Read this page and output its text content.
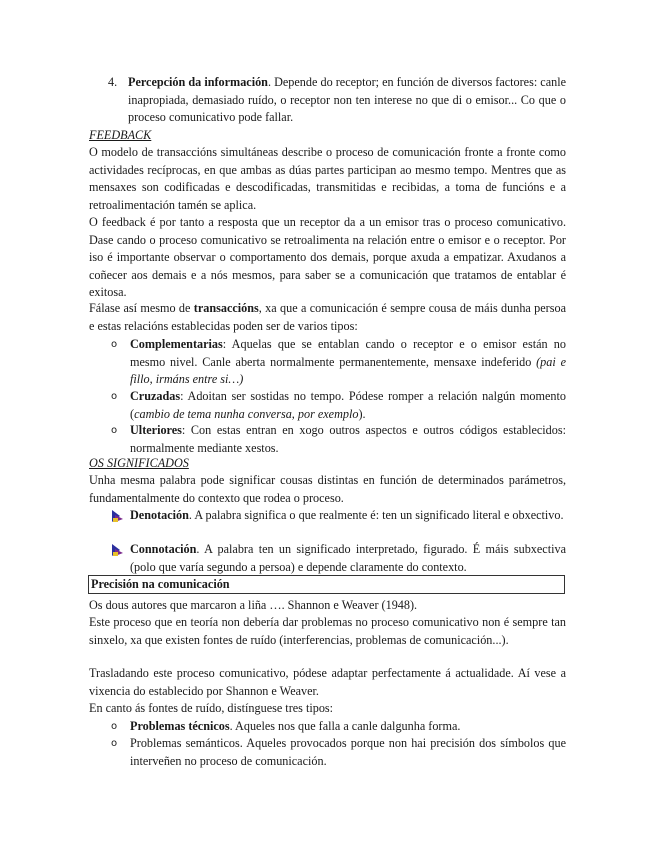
4. Percepción da información. Depende do receptor; en función de diversos factores: canle inapropiada, demasiado ruído, o receptor non ten interese no que di o emisor... Co que o proceso comunicativo pode fallar.
FEEDBACK

O modelo de transaccións simultáneas describe o proceso de comunicación fronte a fronte como actividades recíprocas, en que ambas as dúas partes participan ao mesmo tempo. Mentres que as mensaxes son codificadas e descodificadas, transmitidas e recibidas, a toma de funcións e a retroalimentación tamén se aplica.

O feedback é por tanto a resposta que un receptor da a un emisor tras o proceso comunicativo. Dase cando o proceso comunicativo se retroalimenta na relación entre o emisor e o receptor. Por iso é importante observar o comportamento dos demais, porque axuda a empatizar. Axudanos a coñecer aos demais e a nós mesmos, para saber se a comunicación que tratamos de entablar é exitosa.

Fálase así mesmo de transaccións, xa que a comunicación é sempre cousa de máis dunha persoa e estas relacións establecidas poden ser de varios tipos:

o Complementarias: Aquelas que se entablan cando o receptor e o emisor están no mesmo nivel. Canle aberta normalmente permanentemente, mensaxe indeferido (pai e fillo, irmáns entre si…)
o Cruzadas: Adoitan ser sostidas no tempo. Pódese romper a relación nalgún momento (cambio de tema nunha conversa, por exemplo).
o Ulteriores: Con estas entran en xogo outros aspectos e outros códigos establecidos: normalmente mediante xestos.
OS SIGNIFICADOS

Unha mesma palabra pode significar cousas distintas en función de determinados parámetros, fundamentalmente do contexto que rodea o proceso.

Denotación. A palabra significa o que realmente é: ten un significado literal e obxectivo.
Connotación. A palabra ten un significado interpretado, figurado. É máis subxectiva (polo que varía segundo a persoa) e depende claramente do contexto.
Precisión na comunicación

Os dous autores que marcaron a liña …. Shannon e Weaver (1948).

Este proceso que en teoría non debería dar problemas no proceso comunicativo non é sempre tan sinxelo, xa que existen fontes de ruído (interferencias, problemas de comunicación...).

Trasladando este proceso comunicativo, pódese adaptar perfectamente á actualidade. Aí vese a vixencia do establecido por Shannon e Weaver.

En canto ás fontes de ruído, distínguese tres tipos:

o Problemas técnicos. Aqueles nos que falla a canle dalgunha forma.
o Problemas semánticos. Aqueles provocados porque non hai precisión dos símbolos que interveñen no proceso de comunicación.
